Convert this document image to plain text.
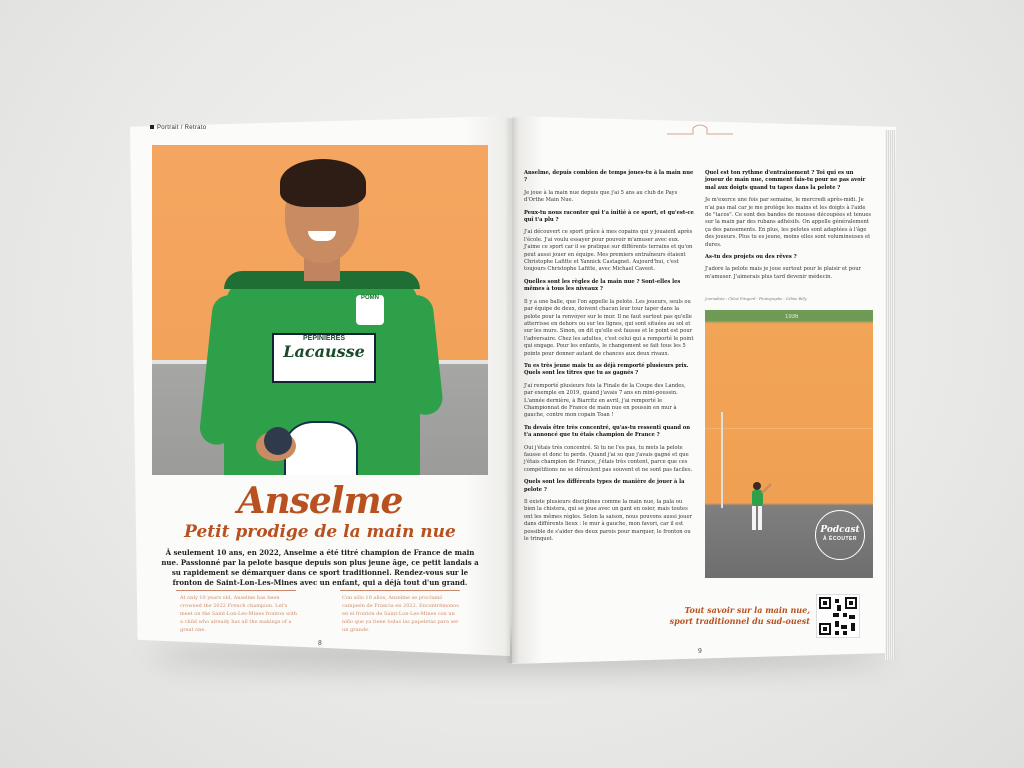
Portrait / Retrato
POMN
PÉPINIÈRES
Lacausse
Anselme
Petit prodige de la main nue
À seulement 10 ans, en 2022, Anselme a été titré champion de France de main nue. Passionné par la pelote basque depuis son plus jeune âge, ce petit landais a su rapidement se démarquer dans ce sport traditionnel. Rendez-vous sur le fronton de Saint-Lon-Les-Mines avec un enfant, qui a déjà tout d'un grand.
At only 10 years old, Anselme has been crowned the 2022 French champion. Let's meet on the Saint-Lon-Les-Mines fronton with a child who already has all the makings of a great one.
Con sólo 10 años, Anselme se proclamó campeón de Francia en 2022. Encontrémonos en el frontón de Saint-Lon-Les-Mines con un niño que ya tiene todas las papeletas para ser un grande.
8

Anselme, depuis combien de temps joues-tu à la main nue ?

Je joue à la main nue depuis que j'ai 5 ans au club de Pays d'Orthe Main Nue.

Peux-tu nous raconter qui t'a initié à ce sport, et qu'est-ce qui t'a plu ?

J'ai découvert ce sport grâce à mes copains qui y jouaient après l'école. J'ai voulu essayer pour pouvoir m'amuser avec eux. J'aime ce sport car il se pratique sur différents terrains et qu'on peut aussi jouer en équipe. Mes premiers entraîneurs étaient Christophe Lafitte et Yannick Castagnet. Aujourd'hui, c'est toujours Christophe Lafitte, avec Michael Caveot.

Quelles sont les règles de la main nue ? Sont-elles les mêmes à tous les niveaux ?

Il y a une balle, que l'on appelle la pelote. Les joueurs, seuls ou par équipe de deux, doivent chacun leur tour taper dans la pelote pour la renvoyer sur le mur. Il ne faut surtout pas qu'elle atterrisse en dehors ou sur les lignes, qui sont situées au sol et sur les murs. Sinon, on dit qu'elle est fausse et le point est pour l'adversaire. Chez les adultes, c'est celui qui a remporté le point qui engage. Pour les enfants, le changement se fait tous les 5 points pour donner autant de chances aux deux rivaux.

Tu es très jeune mais tu as déjà remporté plusieurs prix. Quels sont les titres que tu as gagnés ?

J'ai remporté plusieurs fois la Finale de la Coupe des Landes, par exemple en 2019, quand j'avais 7 ans en mini-poussin. L'année dernière, à Biarritz en avril, j'ai remporté le Championnat de France de main nue en poussin en mur à gauche, contre mon copain Toan !

Tu devais être très concentré, qu'as-tu ressenti quand on t'a annoncé que tu étais champion de France ?

Oui j'étais très concentré. Si tu ne l'es pas, tu mets la pelote fausse et donc tu perds. Quand j'ai su que j'avais gagné et que j'étais champion de France, j'étais très content, parce que ces compétitions ne se déroulent pas souvent et ne sont pas faciles.

Quels sont les différents types de manière de jouer à la pelote ?

Il existe plusieurs disciplines comme la main nue, la pala ou bien la chistera, qui se joue avec un gant en osier, mais toutes ont les mêmes règles. Selon la saison, nous pouvons aussi jouer dans différents lieux : le mur à gauche, mon favori, car il est possible de s'aider des deux parois pour marquer, le fronton ou le trinquet.

Quel est ton rythme d'entraînement ? Toi qui es un joueur de main nue, comment fais-tu pour ne pas avoir mal aux doigts quand tu tapes dans la pelote ?

Je m'exerce une fois par semaine, le mercredi après-midi. Je n'ai pas mal car je me protège les mains et les doigts à l'aide de "tacos". Ce sont des bandes de mousse découpées et tenues sur la main par des rubans adhésifs. On appelle généralement ça des pansements. En plus, les pelotes sont adaptées à l'âge des joueurs. Plus tu es jeune, moins elles sont volumineuses et dures.

As-tu des projets ou des rêves ?

J'adore la pelote mais je joue surtout pour le plaisir et pour m'amuser. J'aimerais plus tard devenir médecin.

Journaliste : Chloé Fitzgerd - Photographe : Céline Billy
1936
Podcast
À ÉCOUTER
Tout savoir sur la main nue, sport traditionnel du sud-ouest
9
